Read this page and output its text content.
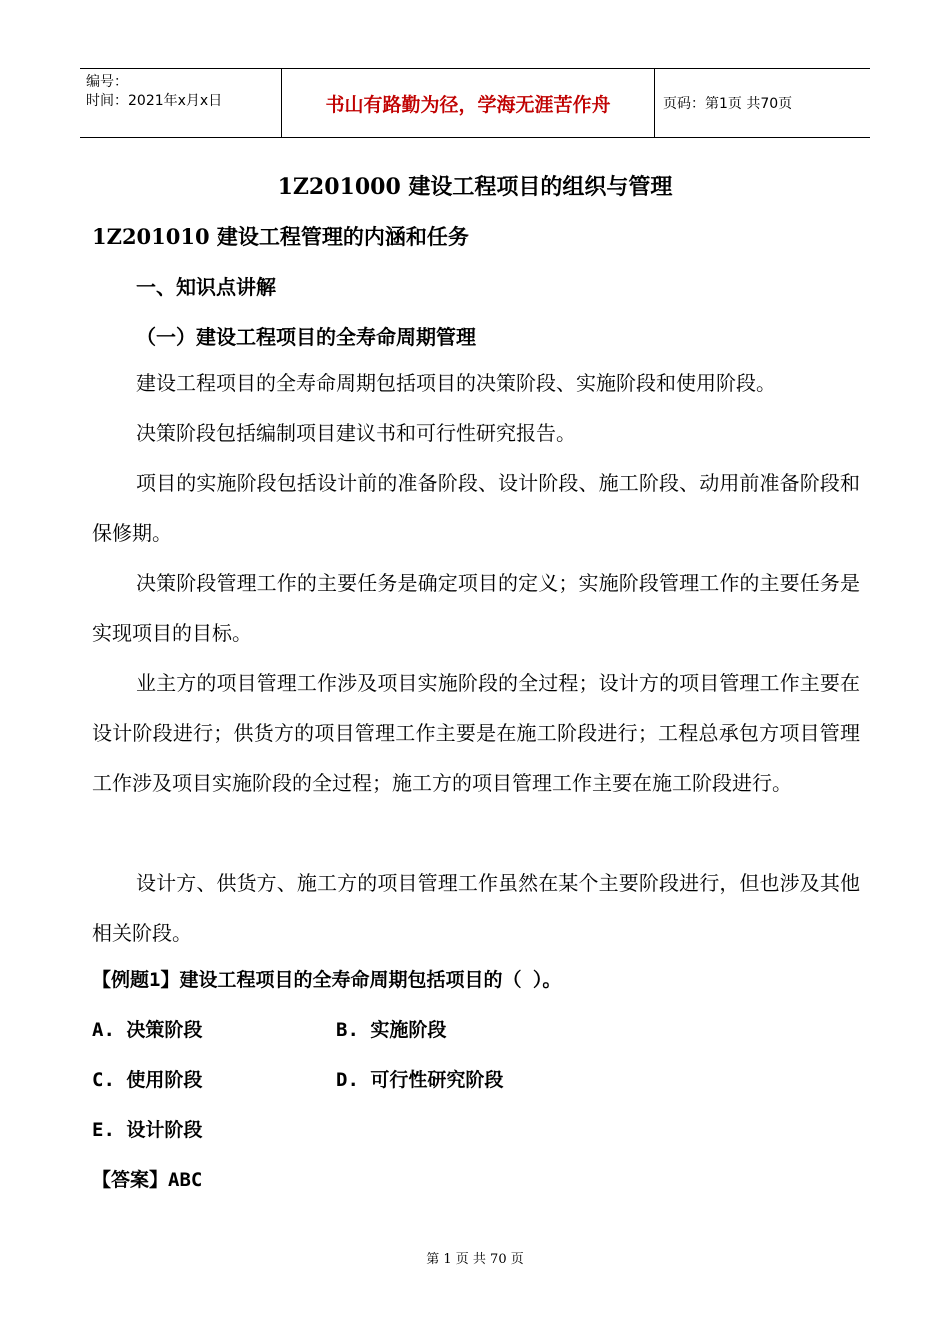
编号：
时间：2021年x月x日	书山有路勤为径，学海无涯苦作舟	页码：第1页 共70页
1Z201000 建设工程项目的组织与管理
1Z201010 建设工程管理的内涵和任务
一、知识点讲解
（一）建设工程项目的全寿命周期管理
建设工程项目的全寿命周期包括项目的决策阶段、实施阶段和使用阶段。
决策阶段包括编制项目建议书和可行性研究报告。
项目的实施阶段包括设计前的准备阶段、设计阶段、施工阶段、动用前准备阶段和保修期。
决策阶段管理工作的主要任务是确定项目的定义；实施阶段管理工作的主要任务是实现项目的目标。
业主方的项目管理工作涉及项目实施阶段的全过程；设计方的项目管理工作主要在设计阶段进行；供货方的项目管理工作主要是在施工阶段进行；工程总承包方项目管理工作涉及项目实施阶段的全过程；施工方的项目管理工作主要在施工阶段进行。
设计方、供货方、施工方的项目管理工作虽然在某个主要阶段进行，但也涉及其他相关阶段。
【例题1】建设工程项目的全寿命周期包括项目的（ ）。
A. 决策阶段	B. 实施阶段
C. 使用阶段	D. 可行性研究阶段
E. 设计阶段
【答案】ABC
第 1 页 共 70 页
